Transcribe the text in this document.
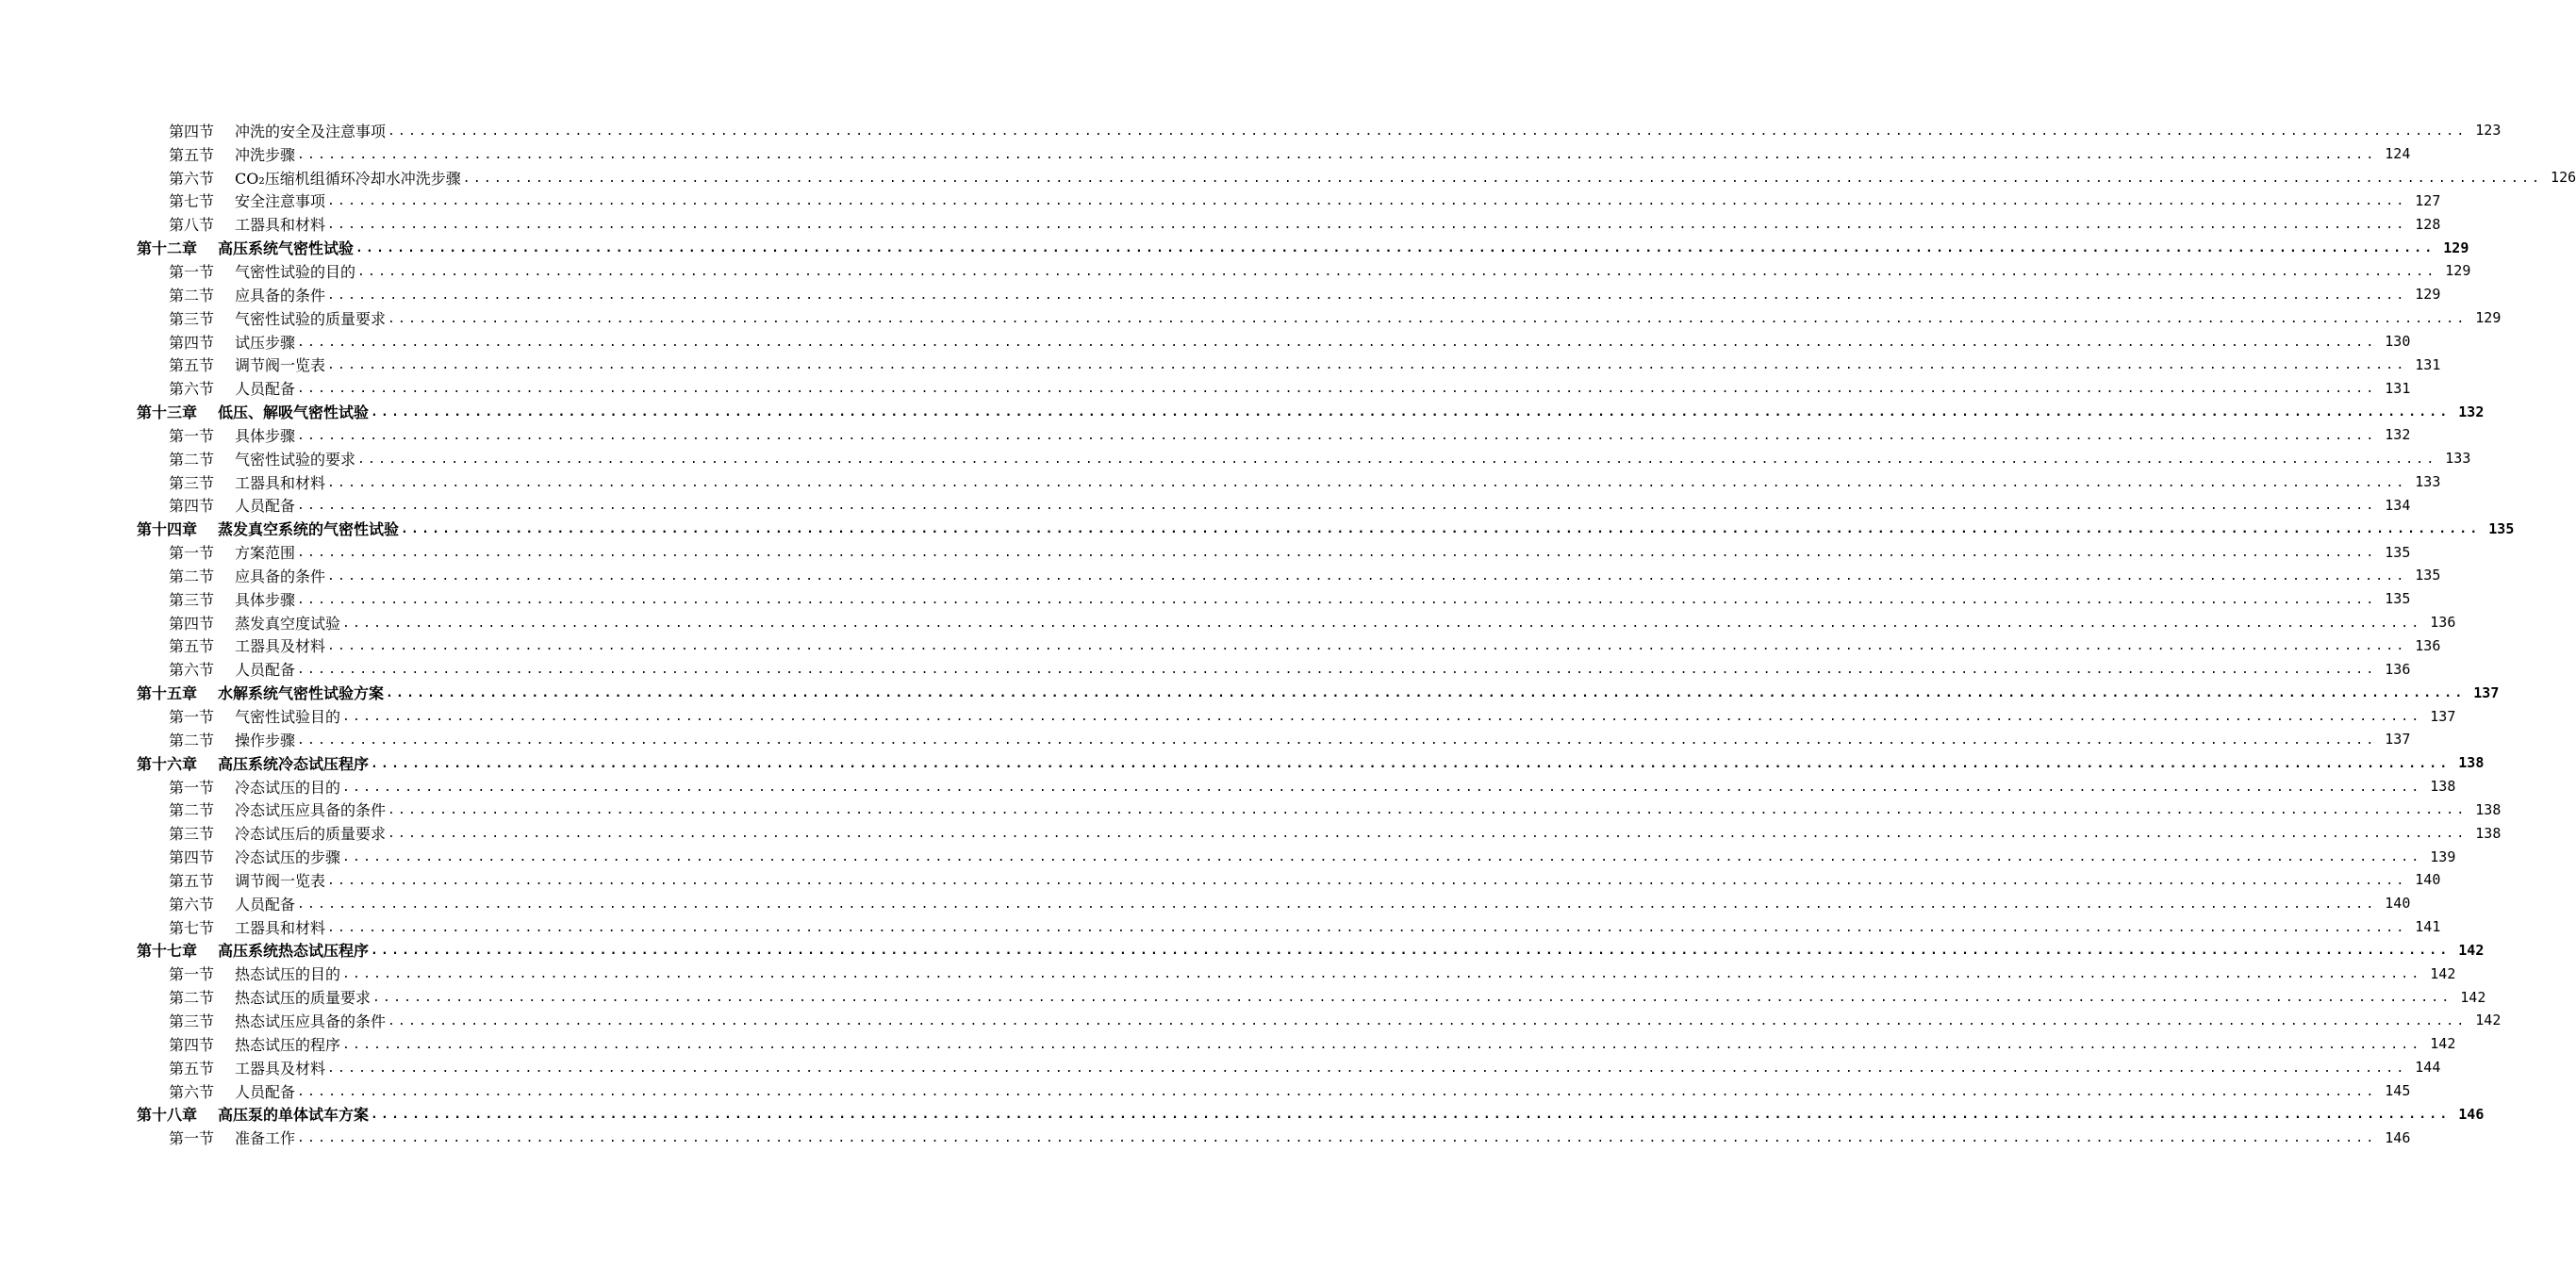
第四节 冲洗的安全及注意事项 ........................................................................................................................................................................................................ 123
第五节 冲洗步骤 ........................................................................................................................................................................................................ 124
第六节 CO₂压缩机组循环冷却水冲洗步骤 ........................................................................................................................................................................................................ 126
第七节 安全注意事项 ........................................................................................................................................................................................................ 127
第八节 工器具和材料 ........................................................................................................................................................................................................ 128
第十二章 高压系统气密性试验 ........................................................................................................................................................................................................ 129
第一节 气密性试验的目的 ........................................................................................................................................................................................................ 129
第二节 应具备的条件 ........................................................................................................................................................................................................ 129
第三节 气密性试验的质量要求 ........................................................................................................................................................................................................ 129
第四节 试压步骤 ........................................................................................................................................................................................................ 130
第五节 调节阀一览表 ........................................................................................................................................................................................................ 131
第六节 人员配备 ........................................................................................................................................................................................................ 131
第十三章 低压、解吸气密性试验 ........................................................................................................................................................................................................ 132
第一节 具体步骤 ........................................................................................................................................................................................................ 132
第二节 气密性试验的要求 ........................................................................................................................................................................................................ 133
第三节 工器具和材料 ........................................................................................................................................................................................................ 133
第四节 人员配备 ........................................................................................................................................................................................................ 134
第十四章 蒸发真空系统的气密性试验 ........................................................................................................................................................................................................ 135
第一节 方案范围 ........................................................................................................................................................................................................ 135
第二节 应具备的条件 ........................................................................................................................................................................................................ 135
第三节 具体步骤 ........................................................................................................................................................................................................ 135
第四节 蒸发真空度试验 ........................................................................................................................................................................................................ 136
第五节 工器具及材料 ........................................................................................................................................................................................................ 136
第六节 人员配备 ........................................................................................................................................................................................................ 136
第十五章 水解系统气密性试验方案 ........................................................................................................................................................................................................ 137
第一节 气密性试验目的 ........................................................................................................................................................................................................ 137
第二节 操作步骤 ........................................................................................................................................................................................................ 137
第十六章 高压系统冷态试压程序 ........................................................................................................................................................................................................ 138
第一节 冷态试压的目的 ........................................................................................................................................................................................................ 138
第二节 冷态试压应具备的条件 ........................................................................................................................................................................................................ 138
第三节 冷态试压后的质量要求 ........................................................................................................................................................................................................ 138
第四节 冷态试压的步骤 ........................................................................................................................................................................................................ 139
第五节 调节阀一览表 ........................................................................................................................................................................................................ 140
第六节 人员配备 ........................................................................................................................................................................................................ 140
第七节 工器具和材料 ........................................................................................................................................................................................................ 141
第十七章 高压系统热态试压程序 ........................................................................................................................................................................................................ 142
第一节 热态试压的目的 ........................................................................................................................................................................................................ 142
第二节 热态试压的质量要求 ........................................................................................................................................................................................................ 142
第三节 热态试压应具备的条件 ........................................................................................................................................................................................................ 142
第四节 热态试压的程序 ........................................................................................................................................................................................................ 142
第五节 工器具及材料 ........................................................................................................................................................................................................ 144
第六节 人员配备 ........................................................................................................................................................................................................ 145
第十八章 高压泵的单体试车方案 ........................................................................................................................................................................................................ 146
第一节 准备工作 ........................................................................................................................................................................................................ 146
